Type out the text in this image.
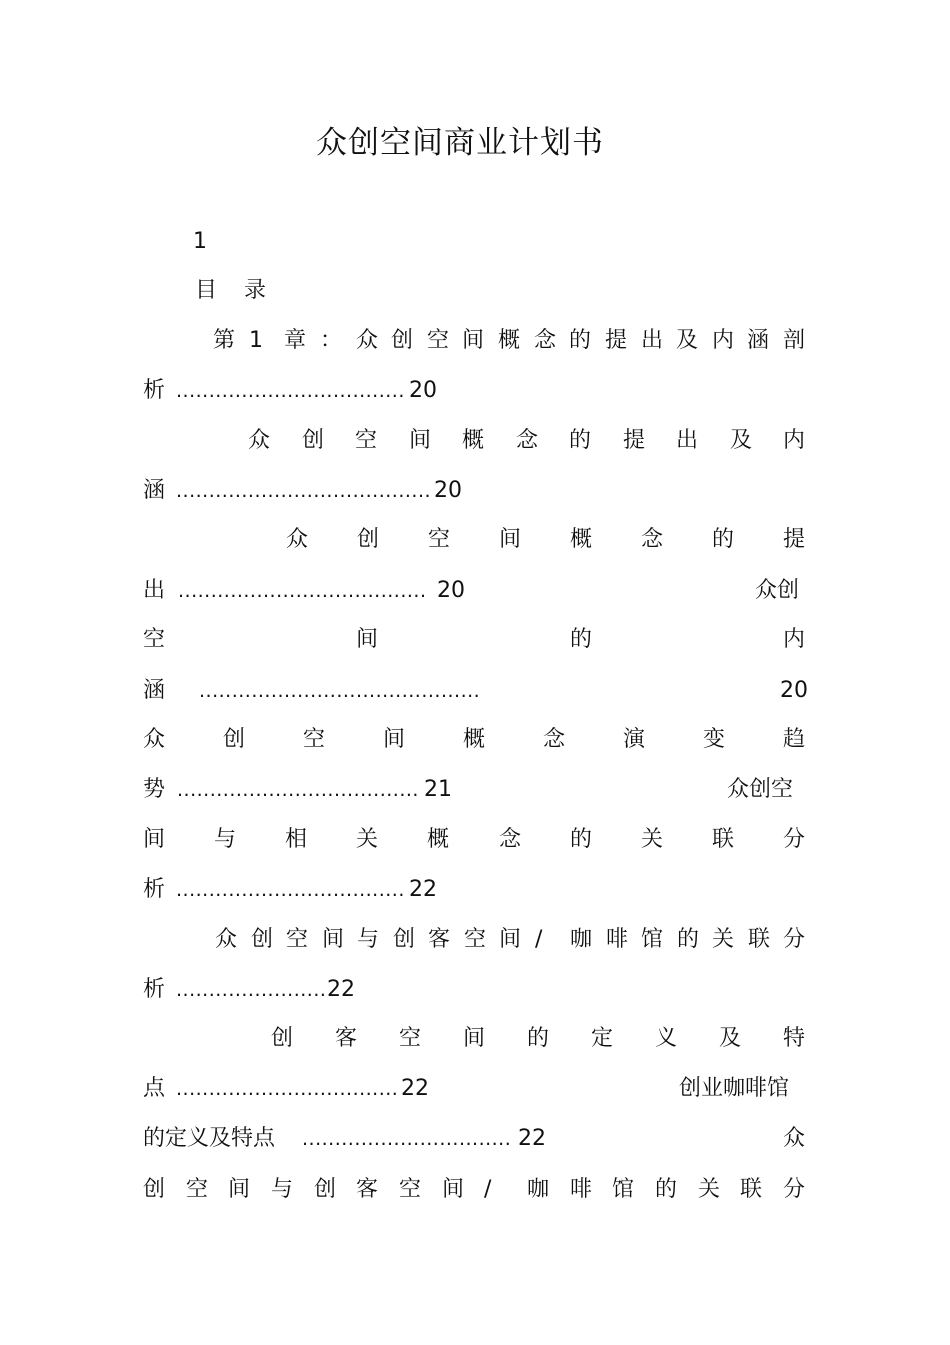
众创空间商业计划书
1
目 录
第 1 章 ： 众 创 空 间 概 念 的 提 出 及 内 涵 剖
析 ................................... 20
众 创 空 间 概 念 的 提 出 及 内
涵 ....................................... 20
众 创 空 间 概 念 的 提
出 ...................................... 20	众创
空	间	的	内
涵 ...........................................	20
众	创	空	间	概	念	演	变	趋
势 ..................................... 21	众创空
间 与 相 关 概 念 的 关 联 分
析 ................................... 22
众 创 空 间 与 创 客 空 间 / 咖 啡 馆 的 关 联 分
析 ....................... 22
创 客 空 间 的 定 义 及 特
点 .................................. 22	创业咖啡馆
的定义及特点 ................................ 22	众
创 空 间 与 创 客 空 间 / 咖 啡 馆 的 关 联 分
